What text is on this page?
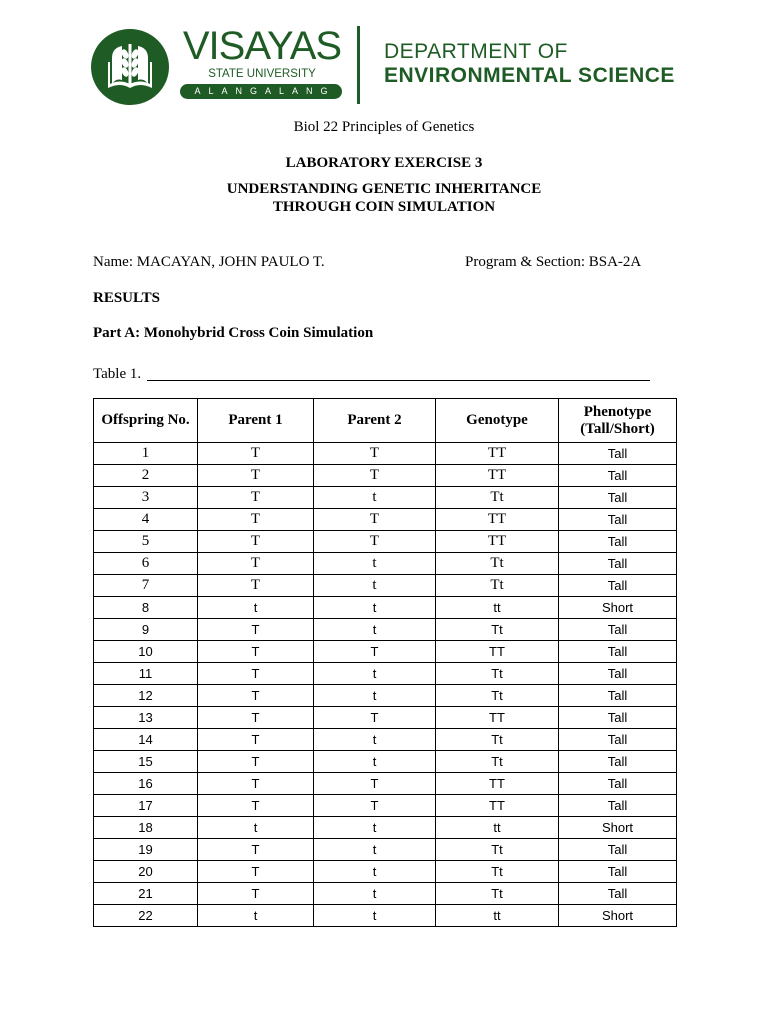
VISAYAS
STATE UNIVERSITY
ALANGALANG
DEPARTMENT OF
ENVIRONMENTAL SCIENCE
Biol 22 Principles of Genetics
LABORATORY EXERCISE 3
UNDERSTANDING GENETIC INHERITANCE
THROUGH COIN SIMULATION
Name: MACAYAN, JOHN PAULO T.	Program & Section: BSA-2A
RESULTS
Part A: Monohybrid Cross Coin Simulation
Table 1.
Offspring No.	Parent 1	Parent 2	Genotype	Phenotype (Tall/Short)
1	T	T	TT	Tall
2	T	T	TT	Tall
3	T	t	Tt	Tall
4	T	T	TT	Tall
5	T	T	TT	Tall
6	T	t	Tt	Tall
7	T	t	Tt	Tall
8	t	t	tt	Short
9	T	t	Tt	Tall
10	T	T	TT	Tall
11	T	t	Tt	Tall
12	T	t	Tt	Tall
13	T	T	TT	Tall
14	T	t	Tt	Tall
15	T	t	Tt	Tall
16	T	T	TT	Tall
17	T	T	TT	Tall
18	t	t	tt	Short
19	T	t	Tt	Tall
20	T	t	Tt	Tall
21	T	t	Tt	Tall
22	t	t	tt	Short
